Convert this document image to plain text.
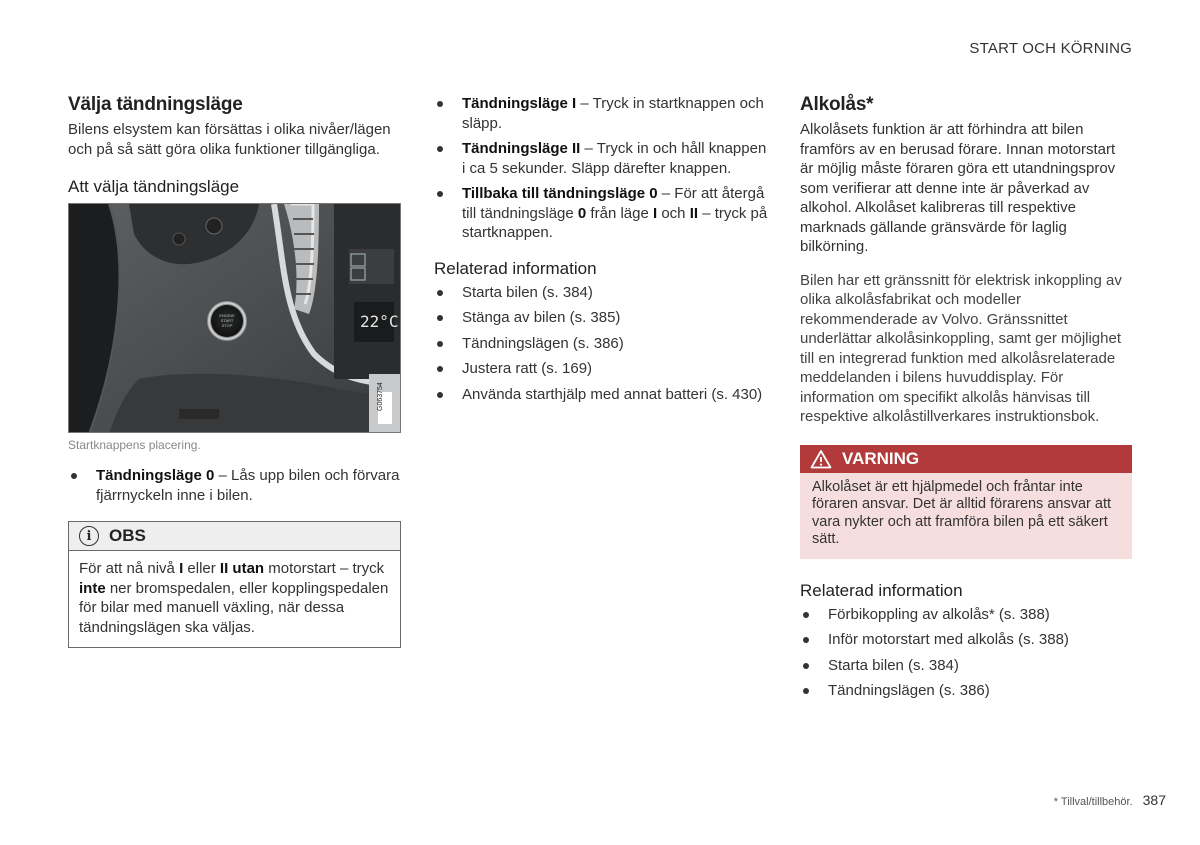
START OCH KÖRNING
Välja tändningsläge

Bilens elsystem kan försättas i olika nivåer/lägen och på så sätt göra olika funktioner tillgängliga.

Att välja tändningsläge
ENGINE
START
STOP	22°C
G063754
Startknappens placering.
Tändningsläge 0 – Lås upp bilen och förvara fjärrnyckeln inne i bilen.
i	OBS
För att nå nivå I eller II utan motorstart – tryck inte ner bromspedalen, eller kopplingspedalen för bilar med manuell växling, när dessa tändningslägen ska väljas.
Tändningsläge I – Tryck in startknappen och släpp.
Tändningsläge II – Tryck in och håll knappen i ca 5 sekunder. Släpp därefter knappen.
Tillbaka till tändningsläge 0 – För att återgå till tändningsläge 0 från läge I och II – tryck på startknappen.
Relaterad information
Starta bilen (s. 384)
Stänga av bilen (s. 385)
Tändningslägen (s. 386)
Justera ratt (s. 169)
Använda starthjälp med annat batteri (s. 430)
Alkolås*

Alkolåsets funktion är att förhindra att bilen framförs av en berusad förare. Innan motorstart är möjlig måste föraren göra ett utandningsprov som verifierar att denne inte är påverkad av alkohol. Alkolåset kalibreras till respektive marknads gällande gränsvärde för laglig bilkörning.

Bilen har ett gränssnitt för elektrisk inkoppling av olika alkolåsfabrikat och modeller rekommenderade av Volvo. Gränssnittet underlättar alkolåsinkoppling, samt ger möjlighet till en integrerad funktion med alkolåsrelaterade meddelanden i bilens huvuddisplay. För information om specifikt alkolås hänvisas till respektive alkolåstillverkares instruktionsbok.

VARNING
Alkolåset är ett hjälpmedel och fråntar inte föraren ansvar. Det är alltid förarens ansvar att vara nykter och att framföra bilen på ett säkert sätt.
Relaterad information
Förbikoppling av alkolås* (s. 388)
Inför motorstart med alkolås (s. 388)
Starta bilen (s. 384)
Tändningslägen (s. 386)
* Tillval/tillbehör. 387
